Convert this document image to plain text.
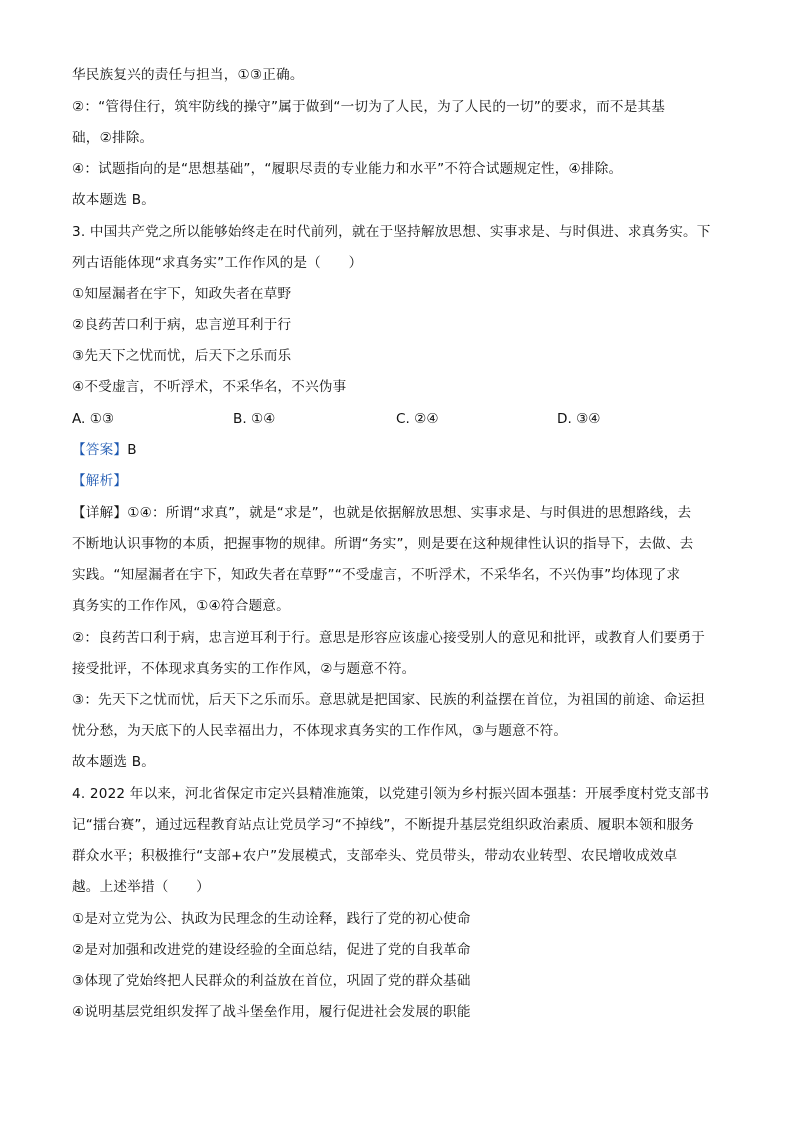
华民族复兴的责任与担当，①③正确。
②：“管得住行，筑牢防线的操守”属于做到“一切为了人民，为了人民的一切”的要求，而不是其基
础，②排除。
④：试题指向的是“思想基础”，“履职尽责的专业能力和水平”不符合试题规定性，④排除。
故本题选 B。
3. 中国共产党之所以能够始终走在时代前列，就在于坚持解放思想、实事求是、与时俱进、求真务实。下
列古语能体现“求真务实”工作作风的是（　　）
①知屋漏者在宇下，知政失者在草野
②良药苦口利于病，忠言逆耳利于行
③先天下之忧而忧，后天下之乐而乐
④不受虚言，不听浮术，不采华名，不兴伪事
A. ①③	B. ①④	C. ②④	D. ③④
【答案】B
【解析】
【详解】①④：所谓“求真”，就是“求是”，也就是依据解放思想、实事求是、与时俱进的思想路线，去
不断地认识事物的本质，把握事物的规律。所谓“务实”，则是要在这种规律性认识的指导下，去做、去
实践。“知屋漏者在宇下，知政失者在草野”“不受虚言，不听浮术，不采华名，不兴伪事”均体现了求
真务实的工作作风，①④符合题意。
②：良药苦口利于病，忠言逆耳利于行。意思是形容应该虚心接受别人的意见和批评，或教育人们要勇于
接受批评，不体现求真务实的工作作风，②与题意不符。
③：先天下之忧而忧，后天下之乐而乐。意思就是把国家、民族的利益摆在首位，为祖国的前途、命运担
忧分愁，为天底下的人民幸福出力，不体现求真务实的工作作风，③与题意不符。
故本题选 B。
4. 2022 年以来，河北省保定市定兴县精准施策，以党建引领为乡村振兴固本强基：开展季度村党支部书
记“擂台赛”，通过远程教育站点让党员学习“不掉线”，不断提升基层党组织政治素质、履职本领和服务
群众水平；积极推行“支部+农户”发展模式，支部牵头、党员带头，带动农业转型、农民增收成效卓
越。上述举措（　　）
①是对立党为公、执政为民理念的生动诠释，践行了党的初心使命
②是对加强和改进党的建设经验的全面总结，促进了党的自我革命
③体现了党始终把人民群众的利益放在首位，巩固了党的群众基础
④说明基层党组织发挥了战斗堡垒作用，履行促进社会发展的职能
